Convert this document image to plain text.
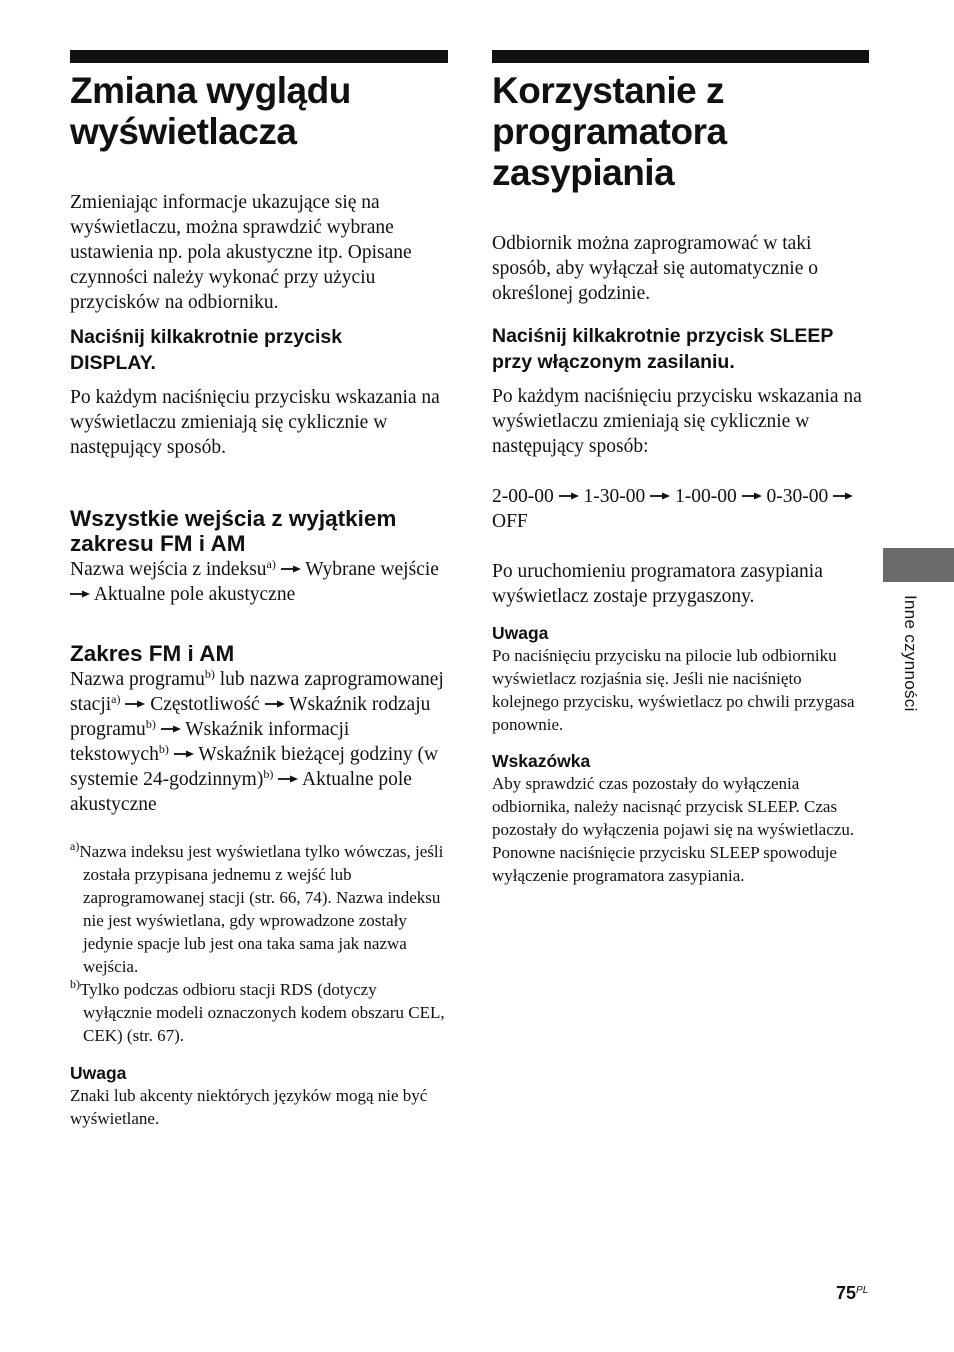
Zmiana wyglądu
wyświetlacza

Zmieniając informacje ukazujące się na wyświetlaczu, można sprawdzić wybrane ustawienia np. pola akustyczne itp. Opisane czynności należy wykonać przy użyciu przycisków na odbiorniku.

Naciśnij kilkakrotnie przycisk DISPLAY.

Po każdym naciśnięciu przycisku wskazania na wyświetlaczu zmieniają się cyklicznie w następujący sposób.

Wszystkie wejścia z wyjątkiem zakresu FM i AM

Nazwa wejścia z indeksu$^{a)}$ Wybrane wejście  Aktualne pole akustyczne

Zakres FM i AM

Nazwa programu$^{b)}$ lub nazwa zaprogramowanej stacji$^{a)}$ Częstotliwość Wskaźnik rodzaju programu$^{b)}$ Wskaźnik informacji tekstowych$^{b)}$ Wskaźnik bieżącej godziny (w systemie 24-godzinnym)$^{b)}$ Aktualne pole akustyczne

$^{a)}$Nazwa indeksu jest wyświetlana tylko wówczas, jeśli została przypisana jednemu z wejść lub zaprogramowanej stacji (str. 66, 74). Nazwa indeksu nie jest wyświetlana, gdy wprowadzone zostały jedynie spacje lub jest ona taka sama jak nazwa wejścia.

$^{b)}$Tylko podczas odbioru stacji RDS (dotyczy wyłącznie modeli oznaczonych kodem obszaru CEL, CEK) (str. 67).

Uwaga

Znaki lub akcenty niektórych języków mogą nie być wyświetlane.

Korzystanie z
programatora
zasypiania

Odbiornik można zaprogramować w taki sposób, aby wyłączał się automatycznie o określonej godzinie.

Naciśnij kilkakrotnie przycisk SLEEP przy włączonym zasilaniu.

Po każdym naciśnięciu przycisku wskazania na wyświetlaczu zmieniają się cyklicznie w następujący sposób:

2-00-00 1-30-00 1-00-00 0-30-00  OFF

Po uruchomieniu programatora zasypiania wyświetlacz zostaje przygaszony.

Uwaga

Po naciśnięciu przycisku na pilocie lub odbiorniku wyświetlacz rozjaśnia się. Jeśli nie naciśnięto kolejnego przycisku, wyświetlacz po chwili przygasa ponownie.

Wskazówka

Aby sprawdzić czas pozostały do wyłączenia odbiornika, należy nacisnąć przycisk SLEEP. Czas pozostały do wyłączenia pojawi się na wyświetlaczu. Ponowne naciśnięcie przycisku SLEEP spowoduje wyłączenie programatora zasypiania.

Inne czynności
$75^{PL}$
